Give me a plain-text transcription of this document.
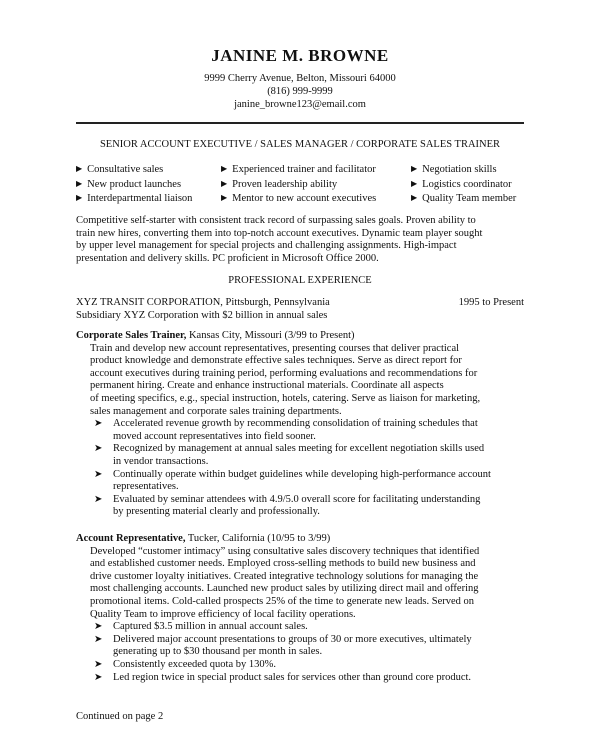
JANINE M. BROWNE
9999 Cherry Avenue, Belton, Missouri 64000
(816) 999-9999
janine_browne123@email.com
SENIOR ACCOUNT EXECUTIVE / SALES MANAGER / CORPORATE SALES TRAINER
▶ Consultative sales	▶ Experienced trainer and facilitator	▶ Negotiation skills
▶ New product launches	▶ Proven leadership ability	▶ Logistics coordinator
▶ Interdepartmental liaison	▶ Mentor to new account executives	▶ Quality Team member
Competitive self-starter with consistent track record of surpassing sales goals. Proven ability to
train new hires, converting them into top-notch account executives. Dynamic team player sought
by upper level management for special projects and challenging assignments. High-impact
presentation and delivery skills. PC proficient in Microsoft Office 2000.
PROFESSIONAL EXPERIENCE
XYZ TRANSIT CORPORATION, Pittsburgh, Pennsylvania	1995 to Present
Subsidiary XYZ Corporation with $2 billion in annual sales
Corporate Sales Trainer, Kansas City, Missouri (3/99 to Present)
Train and develop new account representatives, presenting courses that deliver practical
product knowledge and demonstrate effective sales techniques. Serve as direct report for
account executives during training period, performing evaluations and recommendations for
permanent hiring. Create and enhance instructional materials. Coordinate all aspects
of meeting specifics, e.g., special instruction, hotels, catering. Serve as liaison for marketing,
sales management and corporate sales training departments.
➤ Accelerated revenue growth by recommending consolidation of training schedules that
moved account representatives into field sooner.
➤ Recognized by management at annual sales meeting for excellent negotiation skills used
in vendor transactions.
➤ Continually operate within budget guidelines while developing high-performance account
representatives.
➤ Evaluated by seminar attendees with 4.9/5.0 overall score for facilitating understanding
by presenting material clearly and professionally.
Account Representative, Tucker, California (10/95 to 3/99)
Developed “customer intimacy” using consultative sales discovery techniques that identified
and established customer needs. Employed cross-selling methods to build new business and
drive customer loyalty initiatives. Created integrative technology solutions for managing the
most challenging accounts. Launched new product sales by utilizing direct mail and offering
promotional items. Cold-called prospects 25% of the time to generate new leads. Served on
Quality Team to improve efficiency of local facility operations.
➤ Captured $3.5 million in annual account sales.
➤ Delivered major account presentations to groups of 30 or more executives, ultimately
generating up to $30 thousand per month in sales.
➤ Consistently exceeded quota by 130%.
➤ Led region twice in special product sales for services other than ground core product.
Continued on page 2
